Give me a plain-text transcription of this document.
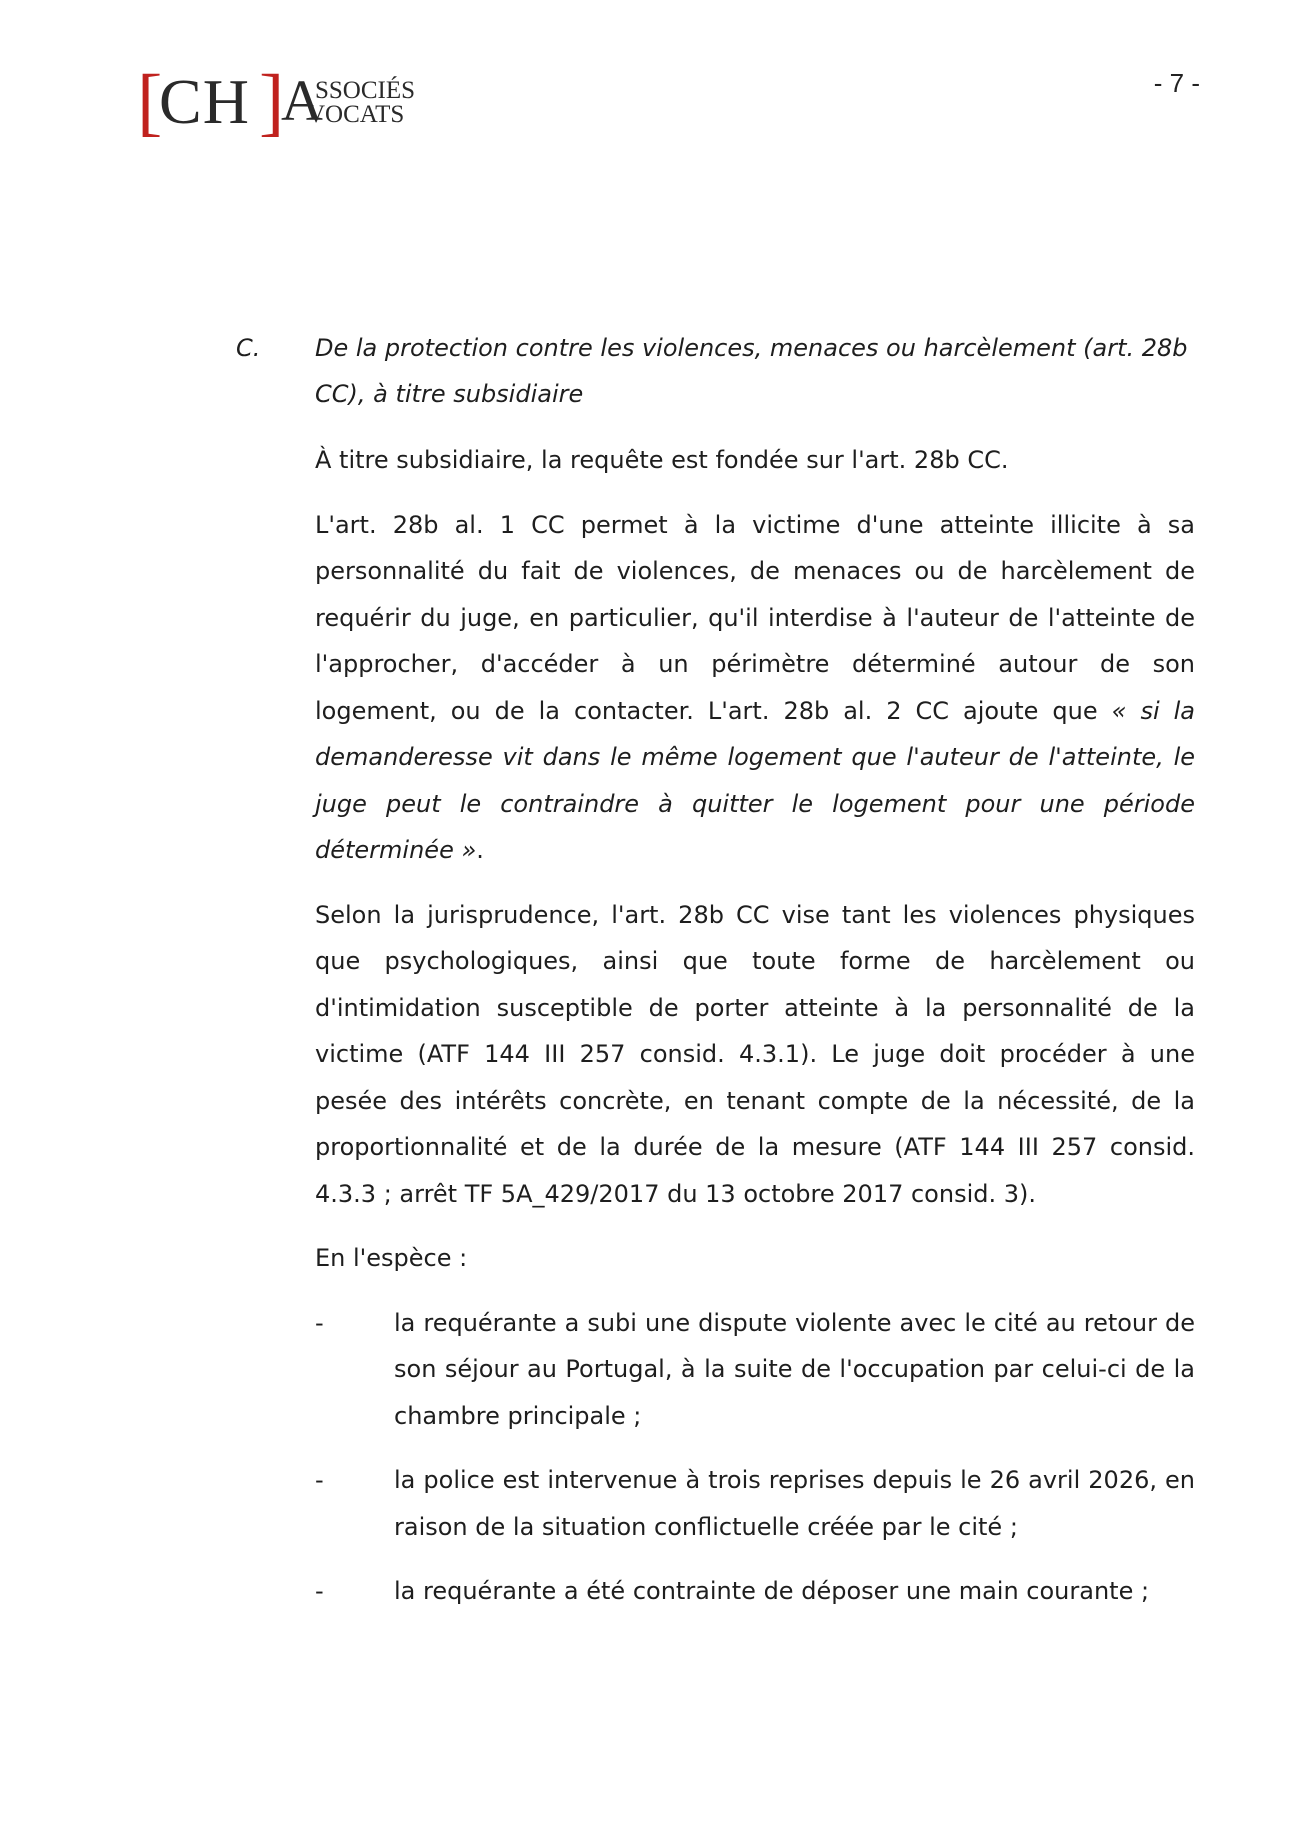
[
CH ]
A
SSOCIÉS
VOCATS
- 7 -
C.	De la protection contre les violences, menaces ou harcèlement (art. 28b CC), à titre subsidiaire

À titre subsidiaire, la requête est fondée sur l'art. 28b CC.

L'art. 28b al. 1 CC permet à la victime d'une atteinte illicite à sa personnalité du fait de violences, de menaces ou de harcèlement de requérir du juge, en particulier, qu'il interdise à l'auteur de l'atteinte de l'approcher, d'accéder à un périmètre déterminé autour de son logement, ou de la contacter. L'art. 28b al. 2 CC ajoute que « si la demanderesse vit dans le même logement que l'auteur de l'atteinte, le juge peut le contraindre à quitter le logement pour une période déterminée ».

Selon la jurisprudence, l'art. 28b CC vise tant les violences physiques que psychologiques, ainsi que toute forme de harcèlement ou d'intimidation susceptible de porter atteinte à la personnalité de la victime (ATF 144 III 257 consid. 4.3.1). Le juge doit procéder à une pesée des intérêts concrète, en tenant compte de la nécessité, de la proportionnalité et de la durée de la mesure (ATF 144 III 257 consid. 4.3.3 ; arrêt TF 5A_429/2017 du 13 octobre 2017 consid. 3).

En l'espèce :

-	la requérante a subi une dispute violente avec le cité au retour de son séjour au Portugal, à la suite de l'occupation par celui-ci de la chambre principale ;
-	la police est intervenue à trois reprises depuis le 26 avril 2026, en raison de la situation conflictuelle créée par le cité ;
-	la requérante a été contrainte de déposer une main courante ;
